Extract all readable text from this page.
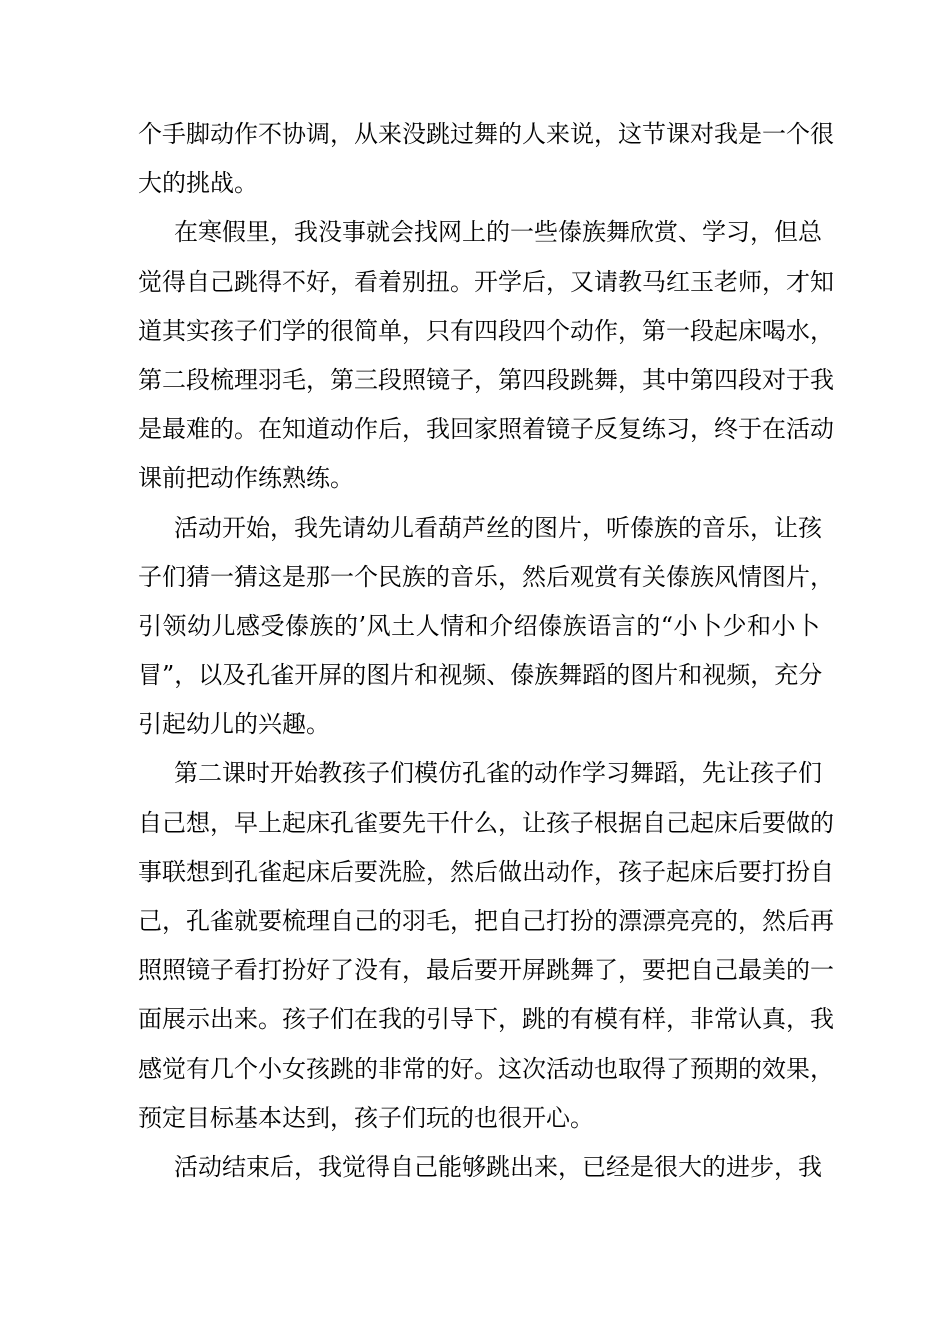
个手脚动作不协调，从来没跳过舞的人来说，这节课对我是一个很
大的挑战。
在寒假里，我没事就会找网上的一些傣族舞欣赏、学习，但总
觉得自己跳得不好，看着别扭。开学后，又请教马红玉老师，才知
道其实孩子们学的很简单，只有四段四个动作，第一段起床喝水，
第二段梳理羽毛，第三段照镜子，第四段跳舞，其中第四段对于我
是最难的。在知道动作后，我回家照着镜子反复练习，终于在活动
课前把动作练熟练。
活动开始，我先请幼儿看葫芦丝的图片，听傣族的音乐，让孩
子们猜一猜这是那一个民族的音乐，然后观赏有关傣族风情图片，
引领幼儿感受傣族的’风土人情和介绍傣族语言的“小卜少和小卜
冒”，以及孔雀开屏的图片和视频、傣族舞蹈的图片和视频，充分
引起幼儿的兴趣。
第二课时开始教孩子们模仿孔雀的动作学习舞蹈，先让孩子们
自己想，早上起床孔雀要先干什么，让孩子根据自己起床后要做的
事联想到孔雀起床后要洗脸，然后做出动作，孩子起床后要打扮自
己，孔雀就要梳理自己的羽毛，把自己打扮的漂漂亮亮的，然后再
照照镜子看打扮好了没有，最后要开屏跳舞了，要把自己最美的一
面展示出来。孩子们在我的引导下，跳的有模有样，非常认真，我
感觉有几个小女孩跳的非常的好。这次活动也取得了预期的效果，
预定目标基本达到，孩子们玩的也很开心。
活动结束后，我觉得自己能够跳出来，已经是很大的进步，我
